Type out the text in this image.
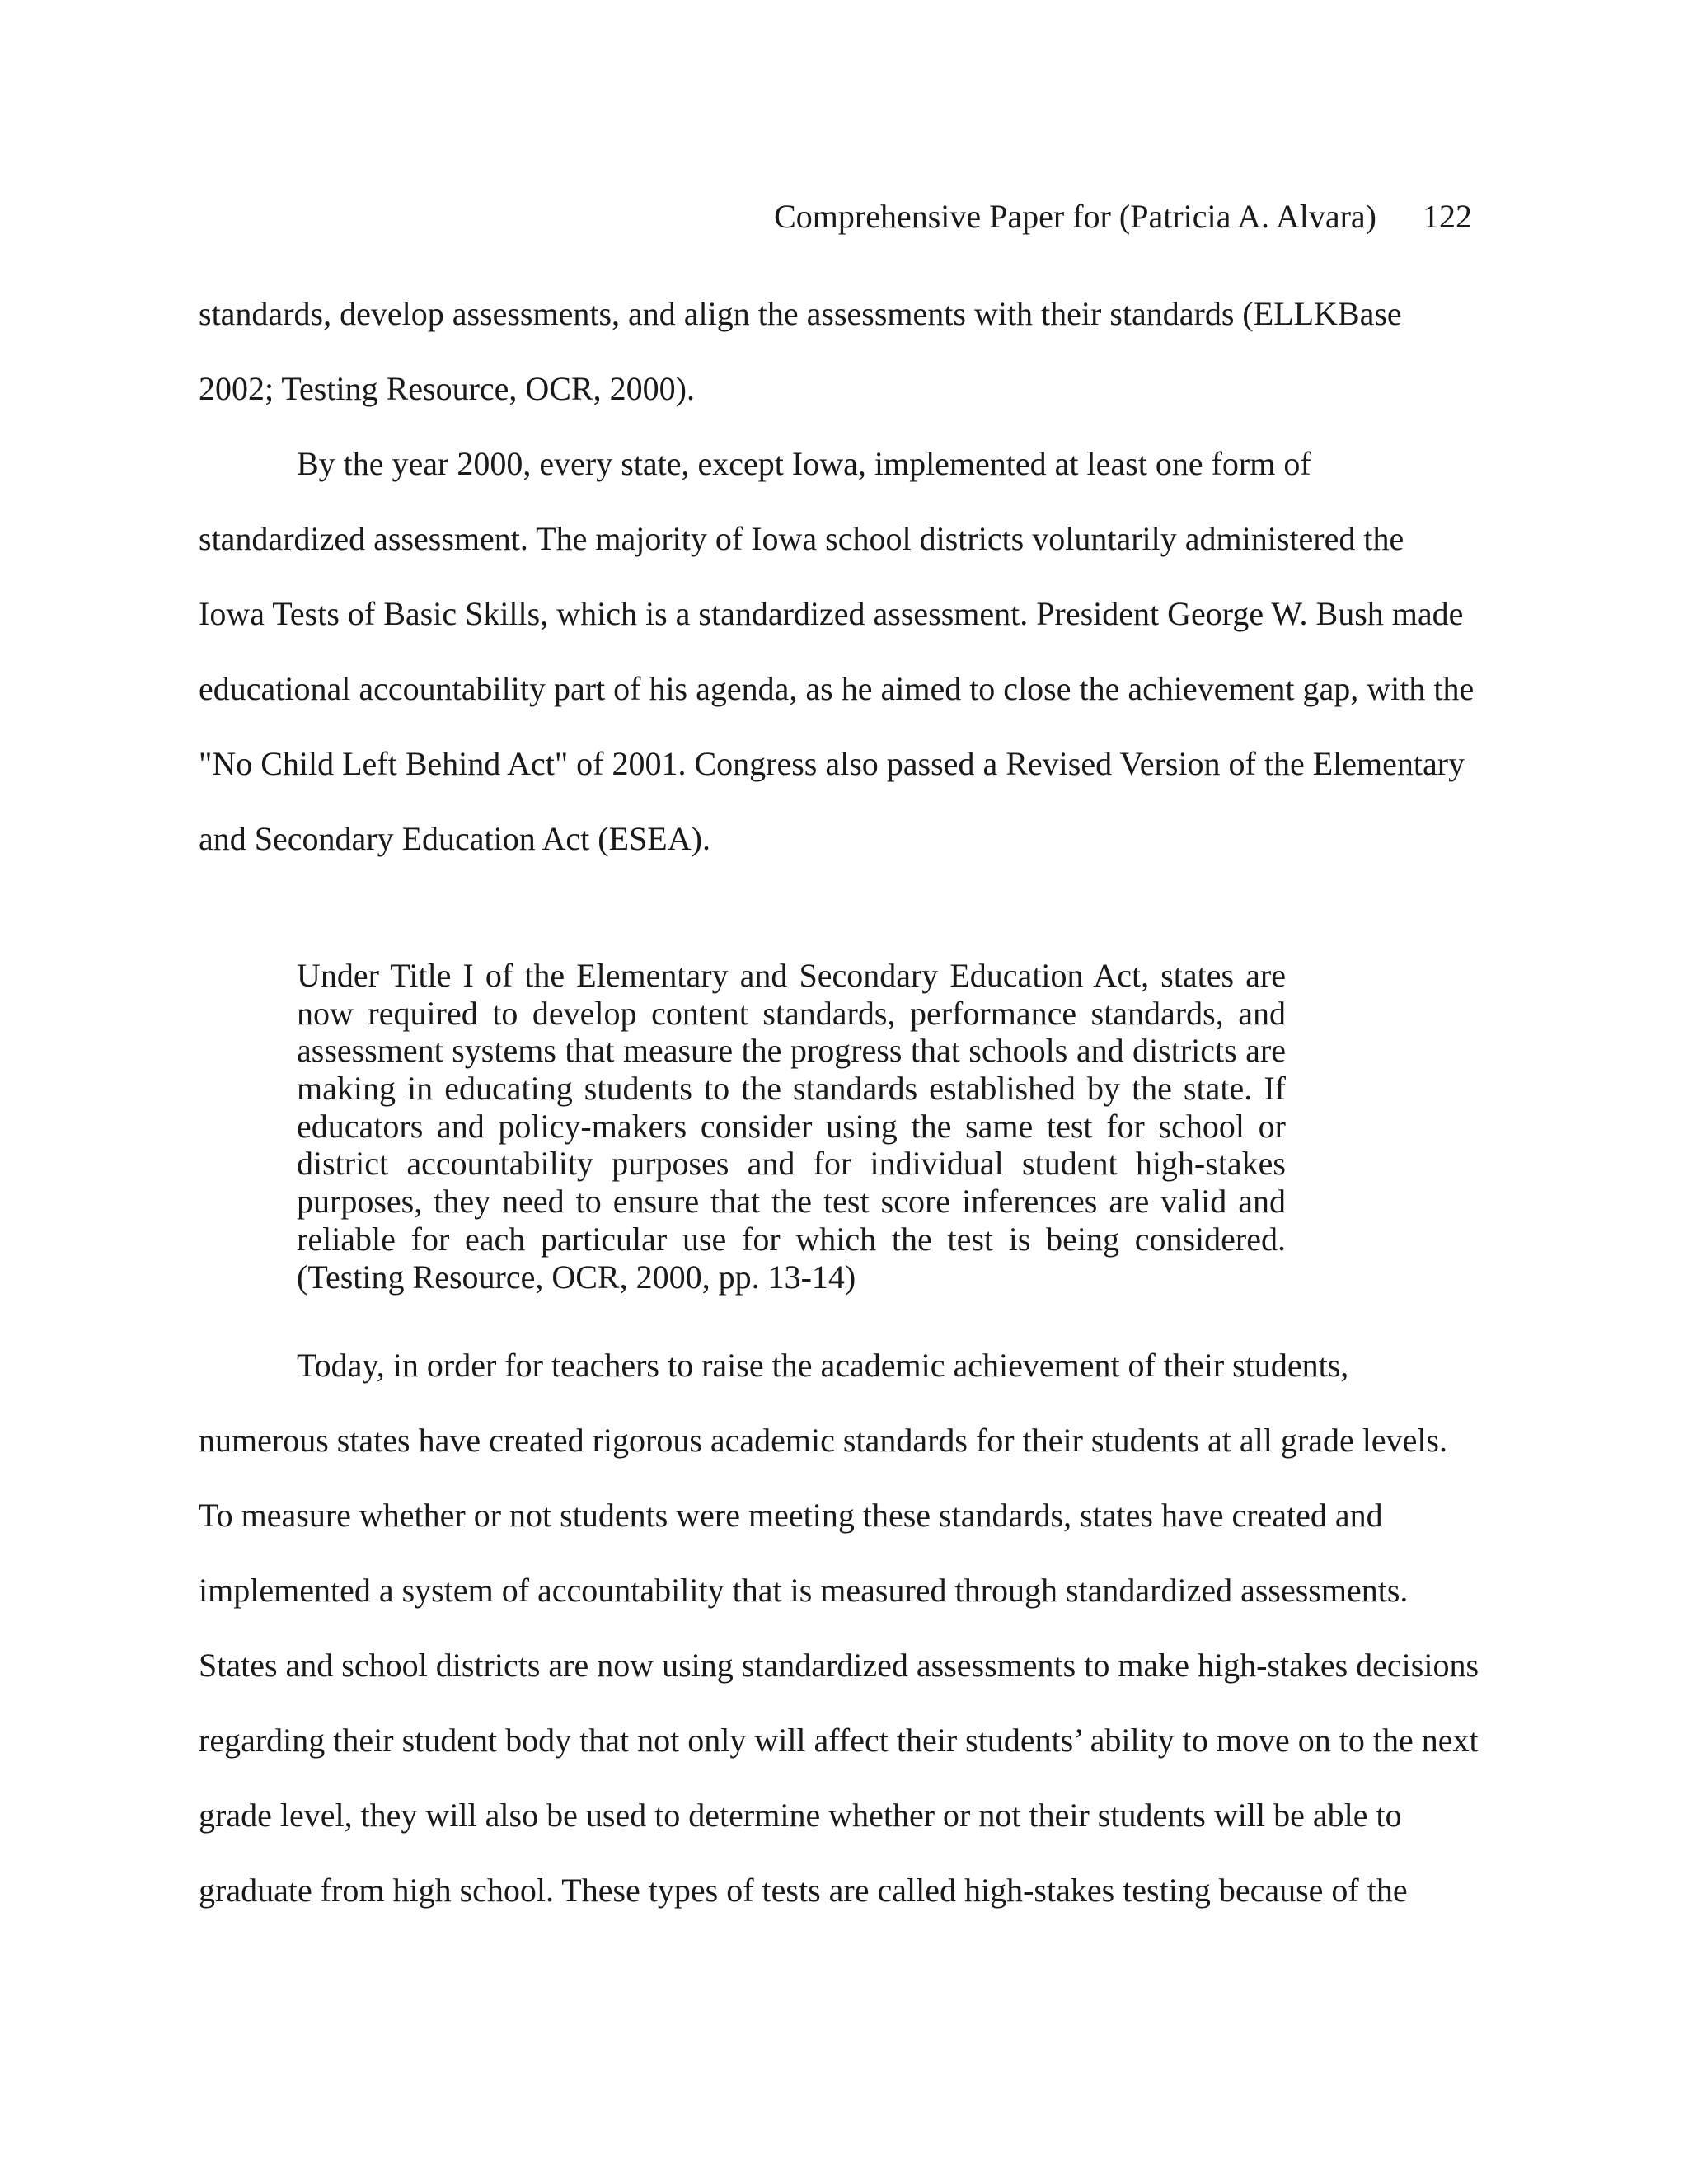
Comprehensive Paper for (Patricia A. Alvara) 122
standards, develop assessments, and align the assessments with their standards (ELLKBase
2002; Testing Resource, OCR, 2000).
By the year 2000, every state, except Iowa, implemented at least one form of
standardized assessment. The majority of Iowa school districts voluntarily administered the
Iowa Tests of Basic Skills, which is a standardized assessment. President George W. Bush made
educational accountability part of his agenda, as he aimed to close the achievement gap, with the
"No Child Left Behind Act" of 2001. Congress also passed a Revised Version of the Elementary
and Secondary Education Act (ESEA).
Under Title I of the Elementary and Secondary Education Act, states are
now required to develop content standards, performance standards, and
assessment systems that measure the progress that schools and districts are
making in educating students to the standards established by the state. If
educators and policy-makers consider using the same test for school or
district accountability purposes and for individual student high-stakes
purposes, they need to ensure that the test score inferences are valid and
reliable for each particular use for which the test is being considered.
(Testing Resource, OCR, 2000, pp. 13-14)
Today, in order for teachers to raise the academic achievement of their students,
numerous states have created rigorous academic standards for their students at all grade levels.
To measure whether or not students were meeting these standards, states have created and
implemented a system of accountability that is measured through standardized assessments.
States and school districts are now using standardized assessments to make high-stakes decisions
regarding their student body that not only will affect their students’ ability to move on to the next
grade level, they will also be used to determine whether or not their students will be able to
graduate from high school. These types of tests are called high-stakes testing because of the
